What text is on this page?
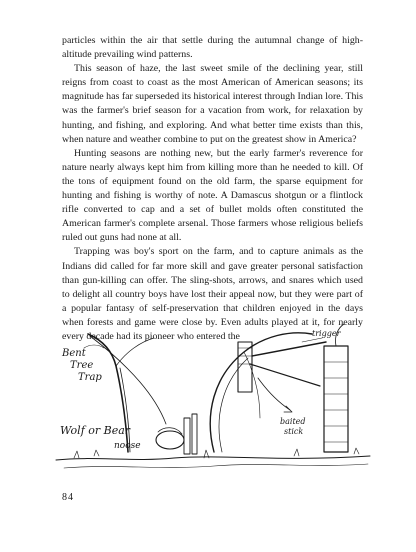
particles within the air that settle during the autumnal change of high-altitude prevailing wind patterns.

This season of haze, the last sweet smile of the declining year, still reigns from coast to coast as the most American of American seasons; its magnitude has far superseded its historical interest through Indian lore. This was the farmer's brief season for a vacation from work, for relaxation by hunting, and fishing, and exploring. And what better time exists than this, when nature and weather combine to put on the greatest show in America?

Hunting seasons are nothing new, but the early farmer's reverence for nature nearly always kept him from killing more than he needed to kill. Of the tons of equipment found on the old farm, the sparse equipment for hunting and fishing is worthy of note. A Damascus shotgun or a flintlock rifle converted to cap and a set of bullet molds often constituted the American farmer's complete arsenal. Those farmers whose religious beliefs ruled out guns had none at all.

Trapping was boy's sport on the farm, and to capture animals as the Indians did called for far more skill and gave greater personal satisfaction than gun-killing can offer. The sling-shots, arrows, and snares which used to delight all country boys have lost their appeal now, but they were part of a popular fantasy of self-preservation that children enjoyed in the days when forests and game were close by. Even adults played at it, for nearly every decade had its pioneer who entered the

Bent
Tree
Trap
Wolf or Bear
noose
trigger
baited
stick
84
